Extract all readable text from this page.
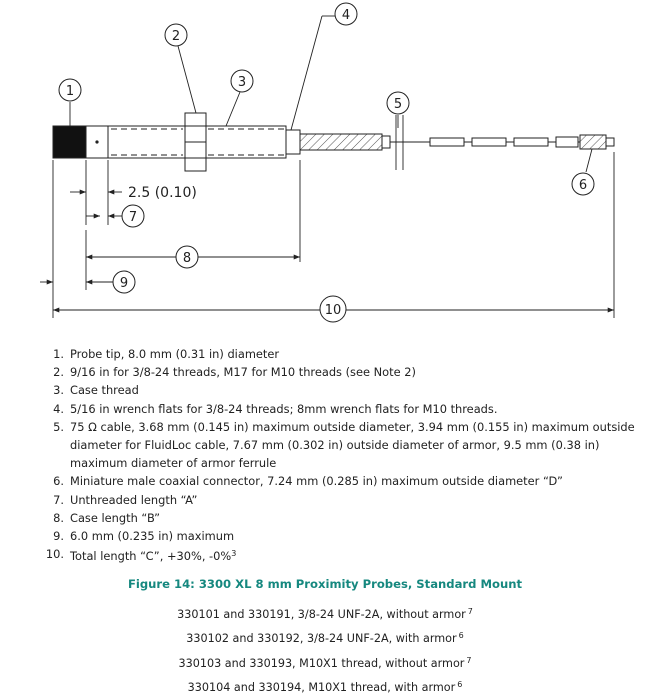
1
2
3
4
5
6
7
8
9
10
2.5 (0.10)
1. Probe tip, 8.0 mm (0.31 in) diameter
2. 9/16 in for 3/8-24 threads, M17 for M10 threads (see Note 2)
3. Case thread
4. 5/16 in wrench flats for 3/8-24 threads; 8mm wrench flats for M10 threads.
5. 75 Ω cable, 3.68 mm (0.145 in) maximum outside diameter, 3.94 mm (0.155 in) maximum outside diameter for FluidLoc cable, 7.67 mm (0.302 in) outside diameter of armor, 9.5 mm (0.38 in) maximum diameter of armor ferrule
6. Miniature male coaxial connector, 7.24 mm (0.285 in) maximum outside diameter “D”
7. Unthreaded length “A”
8. Case length “B”
9. 6.0 mm (0.235 in) maximum
10. Total length “C”, +30%, -0%$^3$
Figure 14: 3300 XL 8 mm Proximity Probes, Standard Mount
330101 and 330191, 3/8-24 UNF-2A, without armor $^7$
330102 and 330192, 3/8-24 UNF-2A, with armor $^6$
330103 and 330193, M10X1 thread, without armor $^7$
330104 and 330194, M10X1 thread, with armor $^6$
